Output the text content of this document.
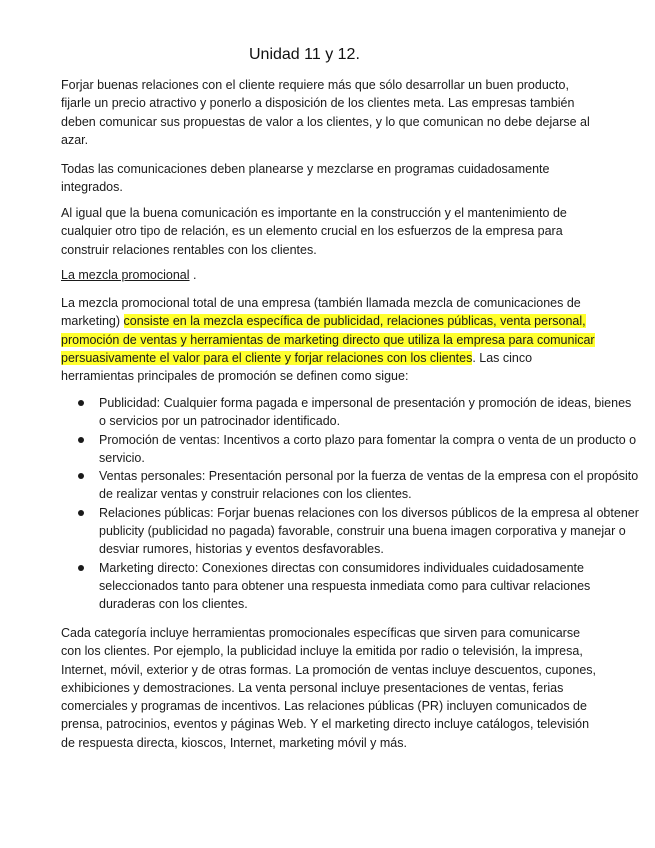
Unidad 11 y 12.

Forjar buenas relaciones con el cliente requiere más que sólo desarrollar un buen producto, fijarle un precio atractivo y ponerlo a disposición de los clientes meta. Las empresas también deben comunicar sus propuestas de valor a los clientes, y lo que comunican no debe dejarse al azar.

Todas las comunicaciones deben planearse y mezclarse en programas cuidadosamente integrados.

Al igual que la buena comunicación es importante en la construcción y el mantenimiento de cualquier otro tipo de relación, es un elemento crucial en los esfuerzos de la empresa para construir relaciones rentables con los clientes.

La mezcla promocional .

La mezcla promocional total de una empresa (también llamada mezcla de comunicaciones de marketing) consiste en la mezcla específica de publicidad, relaciones públicas, venta personal, promoción de ventas y herramientas de marketing directo que utiliza la empresa para comunicar persuasivamente el valor para el cliente y forjar relaciones con los clientes. Las cinco herramientas principales de promoción se definen como sigue:

Publicidad: Cualquier forma pagada e impersonal de presentación y promoción de ideas, bienes o servicios por un patrocinador identificado.
Promoción de ventas: Incentivos a corto plazo para fomentar la compra o venta de un producto o servicio.
Ventas personales: Presentación personal por la fuerza de ventas de la empresa con el propósito de realizar ventas y construir relaciones con los clientes.
Relaciones públicas: Forjar buenas relaciones con los diversos públicos de la empresa al obtener publicity (publicidad no pagada) favorable, construir una buena imagen corporativa y manejar o desviar rumores, historias y eventos desfavorables.
Marketing directo: Conexiones directas con consumidores individuales cuidadosamente seleccionados tanto para obtener una respuesta inmediata como para cultivar relaciones duraderas con los clientes.

Cada categoría incluye herramientas promocionales específicas que sirven para comunicarse con los clientes. Por ejemplo, la publicidad incluye la emitida por radio o televisión, la impresa, Internet, móvil, exterior y de otras formas. La promoción de ventas incluye descuentos, cupones, exhibiciones y demostraciones. La venta personal incluye presentaciones de ventas, ferias comerciales y programas de incentivos. Las relaciones públicas (PR) incluyen comunicados de prensa, patrocinios, eventos y páginas Web. Y el marketing directo incluye catálogos, televisión de respuesta directa, kioscos, Internet, marketing móvil y más.
